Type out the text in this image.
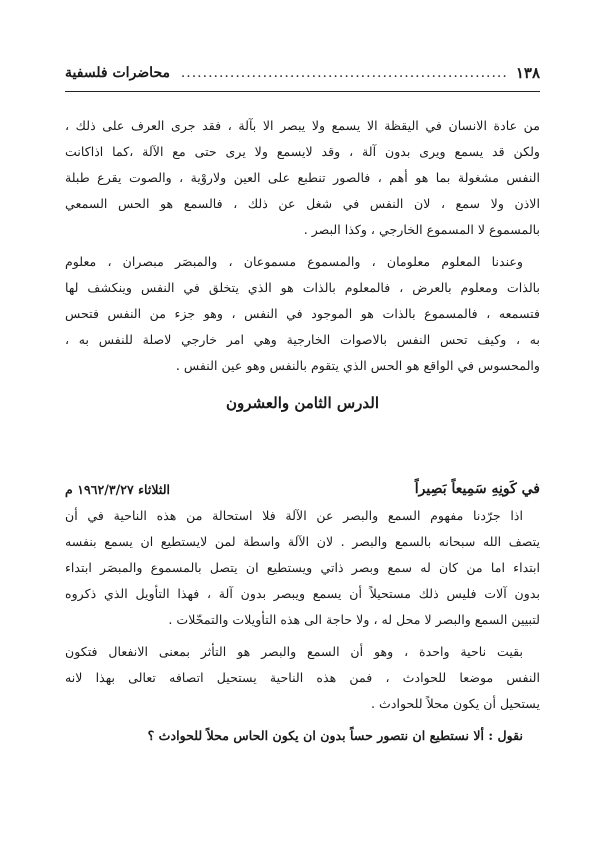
١٣٨
............................................................
محاضرات فلسفية
من عادة الانسان في اليقظة الا يسمع ولا يبصر الا بآلة ، فقد جرى العرف على ذلك ،
ولكن قد يسمع ويرى بدون آلة ، وقد لايسمع ولا يرى حتى مع الآلة ،كما اذاكانت
النفس مشغولة بما هو أهم ، فالصور تنطبع على العين ولاروْية ، والصوت يقرع طبلة
الاذن ولا سمع ، لان النفس في شغل عن ذلك ، فالسمع هو الحس السمعي
بالمسموع لا المسموع الخارجي ، وكذا البصر .
وعندنا المعلوم معلومان ، والمسموع مسموعان ، والمبصَر مبصران ، معلوم
بالذات ومعلوم بالعرض ، فالمعلوم بالذات هو الذي يتخلق في النفس وينكشف لها
فتسمعه ، فالمسموع بالذات هو الموجود في النفس ، وهو جزء من النفس فتحس
به ، وكيف تحس النفس بالاصوات الخارجية وهي امر خارجي لاصلة للنفس به ،
والمحسوس في الواقع هو الحس الذي يتقوم بالنفس وهو عين النفس .
الدرس الثامن والعشرون
في كَونِهِ سَمِيعاً بَصِيراً
الثلاثاء ١٩٦٢/٣/٢٧ م
اذا جرّدنا مفهوم السمع والبصر عن الآلة فلا استحالة من هذه الناحية في أن
يتصف الله سبحانه بالسمع والبصر . لان الآلة واسطة لمن لايستطيع ان يسمع بنفسه
ابتداء اما من كان له سمع وبصر ذاتي ويستطيع ان يتصل بالمسموع والمبصَر ابتداء
بدون آلات فليس ذلك مستحيلاً أن يسمع ويبصر بدون آلة ، فهذا التأويل الذي ذكروه
لتبيين السمع والبصر لا محل له ، ولا حاجة الى هذه التأويلات والتمحّلات .
بقيت ناحية واحدة ، وهو أن السمع والبصر هو التأثر بمعنى الانفعال فتكون
النفس موضعا للحوادث ، فمن هذه الناحية يستحيل اتصافه تعالى بهذا لانه
يستحيل أن يكون محلاً للحوادث .
نقول : ألا نستطيع ان نتصور حساً بدون ان يكون الحاس محلاً للحوادث ؟
